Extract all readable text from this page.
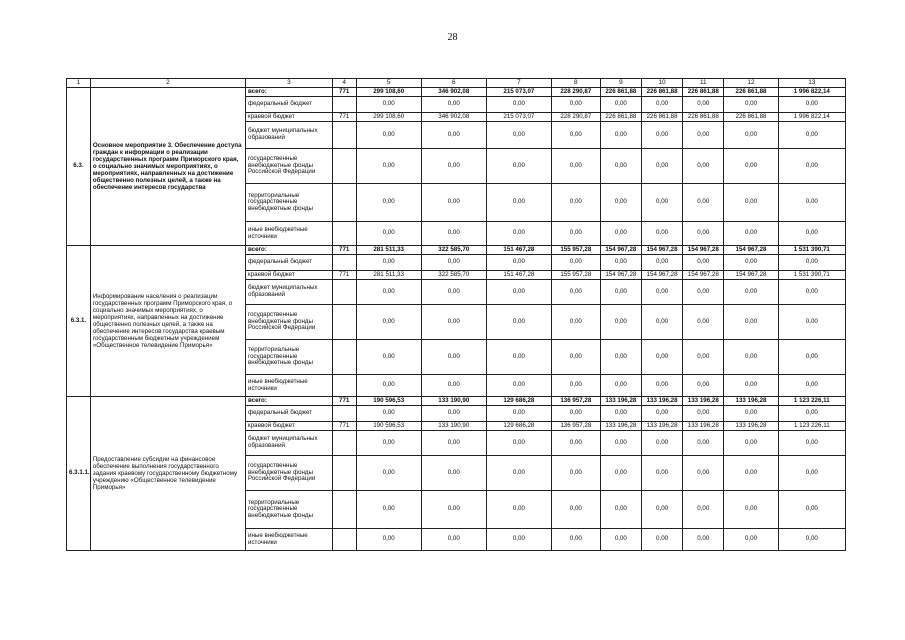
28
1	2	3	4	5	6	7	8	9	10	11	12	13
6.3.	Основное мероприятие 3. Обеспечение доступа граждан к информации о реализации государственных программ Приморского края, о социально значимых мероприятиях, о мероприятиях, направленных на достижение общественно полезных целей, а также на обеспечение интересов государства	всего:	771	299 108,60	346 902,08	215 073,07	228 290,87	226 861,88	226 861,88	226 861,88	226 861,88	1 996 822,14
		федеральный бюджет		0,00	0,00	0,00	0,00	0,00	0,00	0,00	0,00	0,00
		краевой бюджет	771	299 108,60	346 902,08	215 073,07	228 290,87	226 861,88	226 861,88	226 861,88	226 861,88	1 996 822,14
		бюджет муниципальных образований		0,00	0,00	0,00	0,00	0,00	0,00	0,00	0,00	0,00
		государственные внебюджетные фонды Российской Федерации		0,00	0,00	0,00	0,00	0,00	0,00	0,00	0,00	0,00
		территориальные государственные внебюджетные фонды		0,00	0,00	0,00	0,00	0,00	0,00	0,00	0,00	0,00
		иные внебюджетные источники		0,00	0,00	0,00	0,00	0,00	0,00	0,00	0,00	0,00
6.3.1.	Информирование населения о реализации государственных программ Приморского края, о социально значимых мероприятиях, о мероприятиях, направленных на достижение общественно полезных целей, а также на обеспечение интересов государства краевым государственным бюджетным учреждением «Общественное телевидение Приморья»	всего:	771	281 511,33	322 585,70	151 467,28	155 957,28	154 967,28	154 967,28	154 967,28	154 967,28	1 531 390,71
		федеральный бюджет		0,00	0,00	0,00	0,00	0,00	0,00	0,00	0,00	0,00
		краевой бюджет	771	281 511,33	322 585,70	151 467,28	155 957,28	154 967,28	154 967,28	154 967,28	154 967,28	1 531 390,71
		бюджет муниципальных образований		0,00	0,00	0,00	0,00	0,00	0,00	0,00	0,00	0,00
		государственные внебюджетные фонды Российской Федерации		0,00	0,00	0,00	0,00	0,00	0,00	0,00	0,00	0,00
		территориальные государственные внебюджетные фонды		0,00	0,00	0,00	0,00	0,00	0,00	0,00	0,00	0,00
		иные внебюджетные источники		0,00	0,00	0,00	0,00	0,00	0,00	0,00	0,00	0,00
6.3.1.1.	Предоставление субсидии на финансовое обеспечение выполнения государственного задания краевому государственному бюджетному учреждению «Общественное телевидение Приморья»	всего:	771	190 596,53	133 190,90	129 686,28	136 957,28	133 196,28	133 196,28	133 196,28	133 196,28	1 123 226,11
		федеральный бюджет		0,00	0,00	0,00	0,00	0,00	0,00	0,00	0,00	0,00
		краевой бюджет	771	190 596,53	133 190,90	129 686,28	136 957,28	133 196,28	133 196,28	133 196,28	133 196,28	1 123 226,11
		бюджет муниципальных образований		0,00	0,00	0,00	0,00	0,00	0,00	0,00	0,00	0,00
		государственные внебюджетные фонды Российской Федерации		0,00	0,00	0,00	0,00	0,00	0,00	0,00	0,00	0,00
		территориальные государственные внебюджетные фонды		0,00	0,00	0,00	0,00	0,00	0,00	0,00	0,00	0,00
		иные внебюджетные источники		0,00	0,00	0,00	0,00	0,00	0,00	0,00	0,00	0,00
